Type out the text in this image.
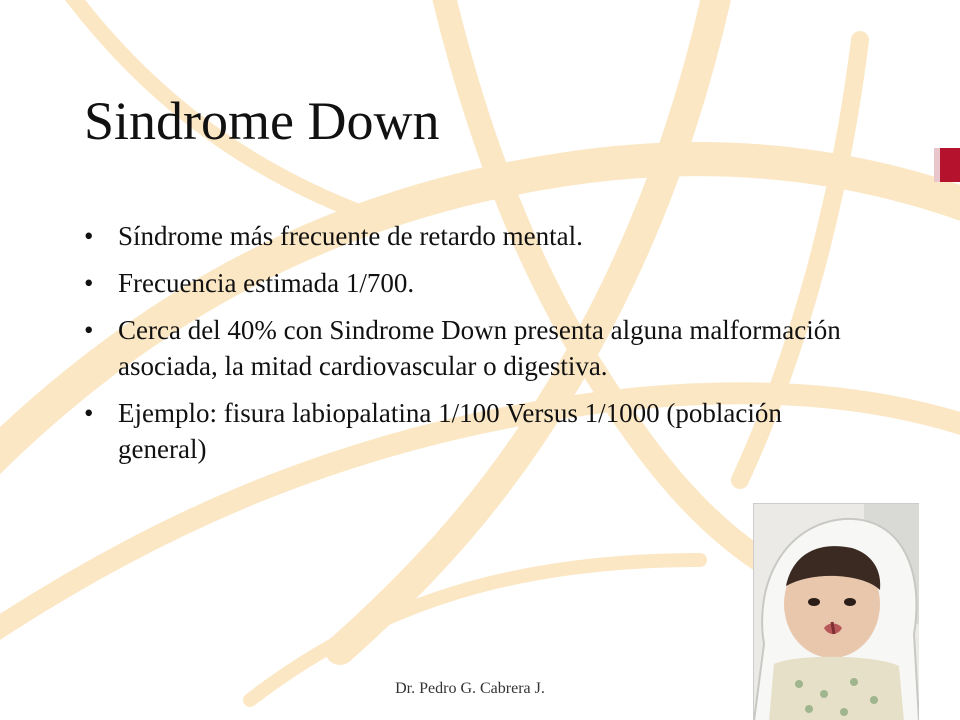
Sindrome Down
• Síndrome más frecuente de retardo mental.
• Frecuencia estimada 1/700.
• Cerca del 40% con Sindrome Down presenta alguna malformación asociada, la mitad cardiovascular o digestiva.
• Ejemplo: fisura labiopalatina 1/100 Versus 1/1000 (población general)
Dr. Pedro G. Cabrera J.
